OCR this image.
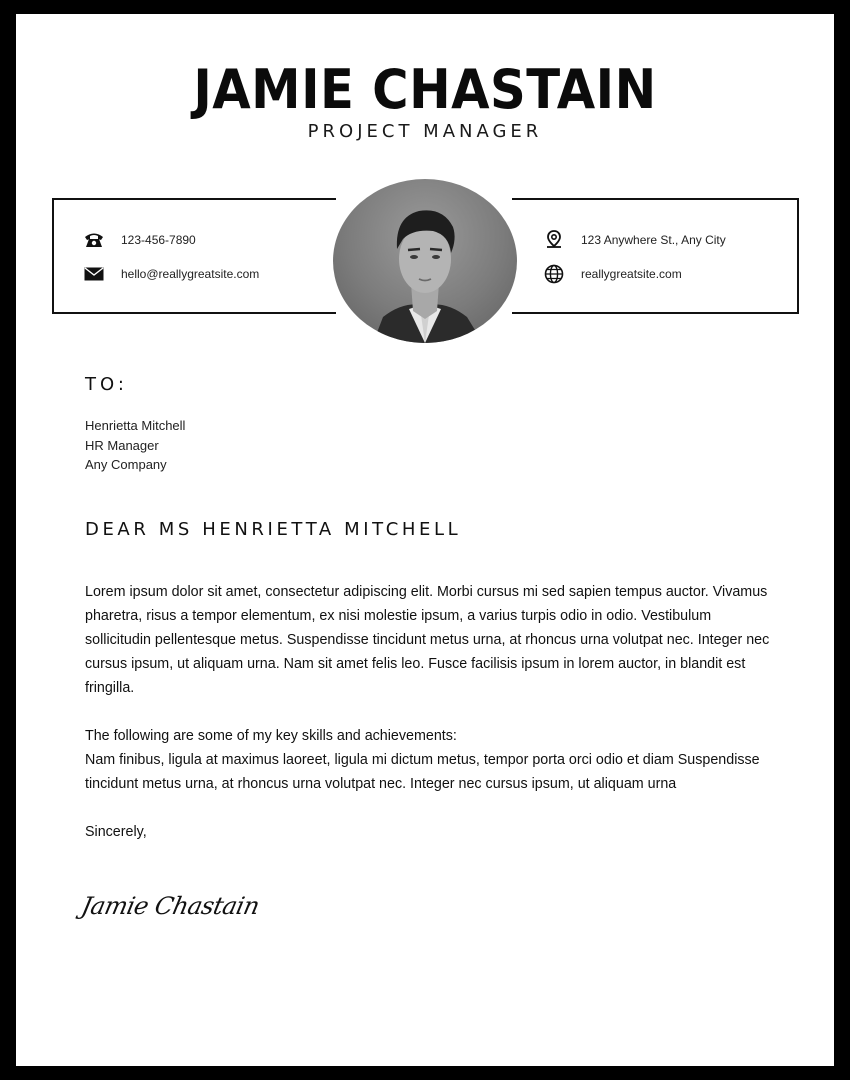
JAMIE CHASTAIN
PROJECT MANAGER
123-456-7890
hello@reallygreatsite.com
123 Anywhere St., Any City
reallygreatsite.com
TO:
Henrietta Mitchell
HR Manager
Any Company
DEAR MS HENRIETTA MITCHELL

Lorem ipsum dolor sit amet, consectetur adipiscing elit. Morbi cursus mi sed sapien tempus auctor. Vivamus pharetra, risus a tempor elementum, ex nisi molestie ipsum, a varius turpis odio in odio. Vestibulum sollicitudin pellentesque metus. Suspendisse tincidunt metus urna, at rhoncus urna volutpat nec. Integer nec cursus ipsum, ut aliquam urna. Nam sit amet felis leo. Fusce facilisis ipsum in lorem auctor, in blandit est fringilla.

The following are some of my key skills and achievements:

Nam finibus, ligula at maximus laoreet, ligula mi dictum metus, tempor porta orci odio et diam Suspendisse tincidunt metus urna, at rhoncus urna volutpat nec. Integer nec cursus ipsum, ut aliquam urna

Sincerely,

Jamie Chastain
